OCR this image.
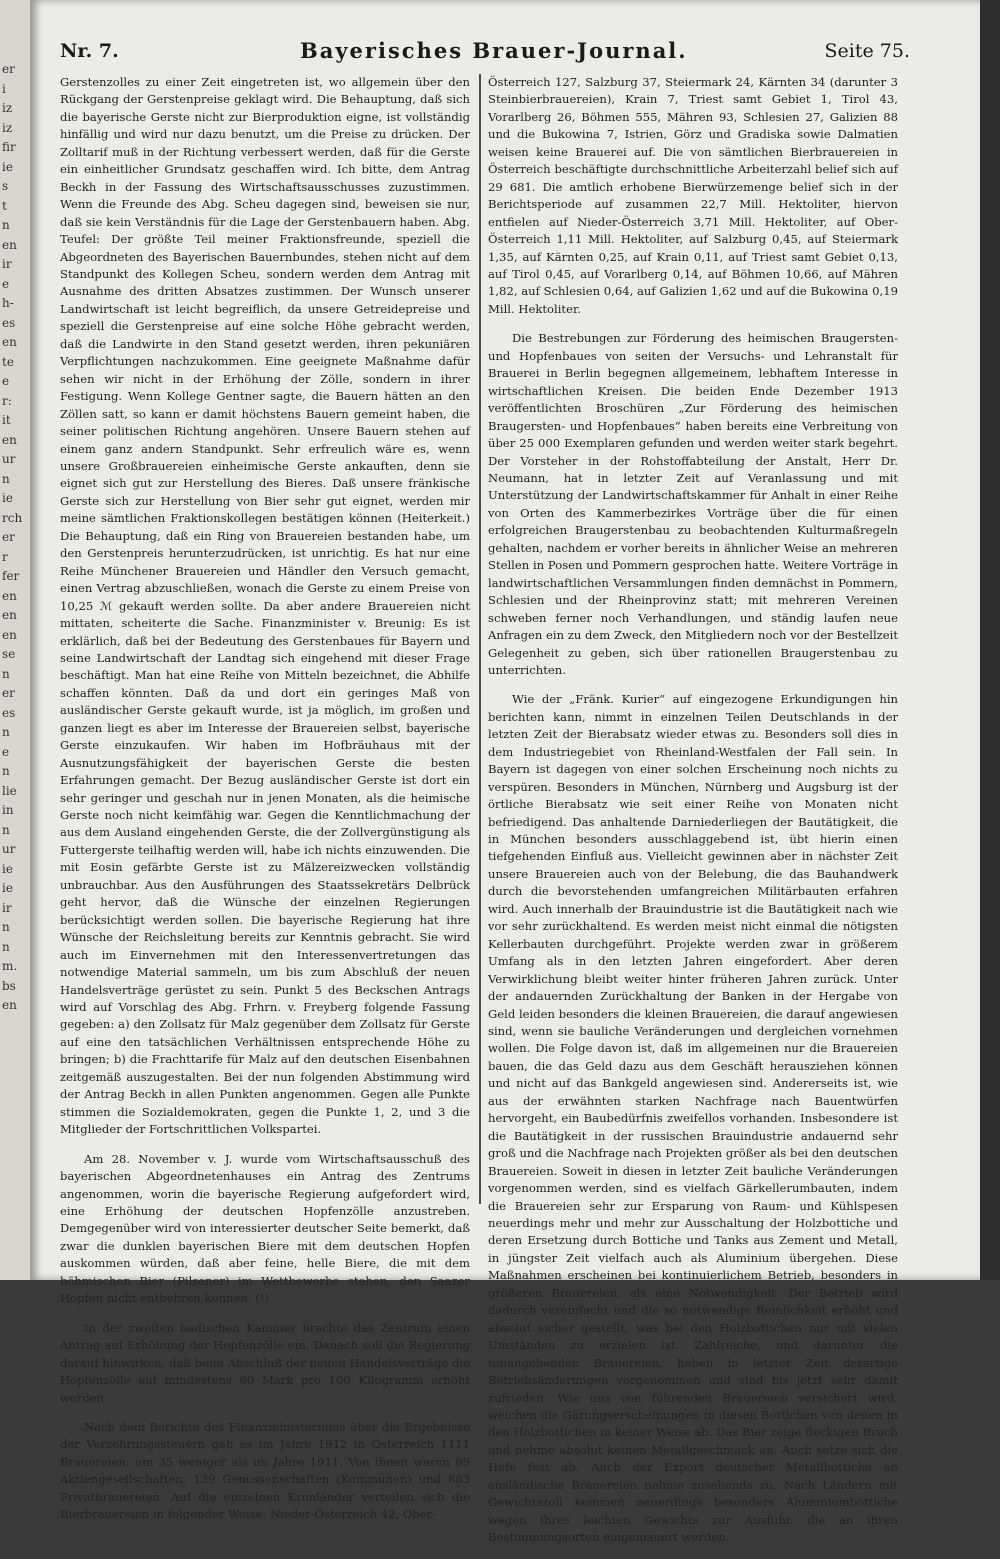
er
i
iz
iz
fir
ie
s
t
n
en
ir
e
h-
es
en
te
e
r:
it
en
ur
n
ie
rch
er
r
fer
en
en
en
se
n
er
es
n
e
n
lie
in
n
ur
ie
ie
ir
n
n
m.
bs
en
Nr. 7.	Bayerisches Brauer-Journal.	Seite 75.

Gerstenzolles zu einer Zeit eingetreten ist, wo allgemein über den Rückgang der Gerstenpreise geklagt wird. Die Behauptung, daß sich die bayerische Gerste nicht zur Bierproduktion eigne, ist vollständig hinfällig und wird nur dazu benutzt, um die Preise zu drücken. Der Zolltarif muß in der Richtung verbessert werden, daß für die Gerste ein einheitlicher Grundsatz geschaffen wird. Ich bitte, dem Antrag Beckh in der Fassung des Wirtschaftsausschusses zuzustimmen. Wenn die Freunde des Abg. Scheu dagegen sind, beweisen sie nur, daß sie kein Verständnis für die Lage der Gerstenbauern haben. Abg. Teufel: Der größte Teil meiner Fraktionsfreunde, speziell die Abgeordneten des Bayerischen Bauernbundes, stehen nicht auf dem Standpunkt des Kollegen Scheu, sondern werden dem Antrag mit Ausnahme des dritten Absatzes zustimmen. Der Wunsch unserer Landwirtschaft ist leicht begreiflich, da unsere Getreidepreise und speziell die Gerstenpreise auf eine solche Höhe gebracht werden, daß die Landwirte in den Stand gesetzt werden, ihren pekuniären Verpflichtungen nachzukommen. Eine geeignete Maßnahme dafür sehen wir nicht in der Erhöhung der Zölle, sondern in ihrer Festigung. Wenn Kollege Gentner sagte, die Bauern hätten an den Zöllen satt, so kann er damit höchstens Bauern gemeint haben, die seiner politischen Richtung angehören. Unsere Bauern stehen auf einem ganz andern Standpunkt. Sehr erfreulich wäre es, wenn unsere Großbrauereien einheimische Gerste ankauften, denn sie eignet sich gut zur Herstellung des Bieres. Daß unsere fränkische Gerste sich zur Herstellung von Bier sehr gut eignet, werden mir meine sämtlichen Fraktionskollegen bestätigen können (Heiterkeit.) Die Behauptung, daß ein Ring von Brauereien bestanden habe, um den Gerstenpreis herunterzudrücken, ist unrichtig. Es hat nur eine Reihe Münchener Brauereien und Händler den Versuch gemacht, einen Vertrag abzuschließen, wonach die Gerste zu einem Preise von 10,25 ℳ gekauft werden sollte. Da aber andere Brauereien nicht mittaten, scheiterte die Sache. Finanzminister v. Breunig: Es ist erklärlich, daß bei der Bedeutung des Gerstenbaues für Bayern und seine Landwirtschaft der Landtag sich eingehend mit dieser Frage beschäftigt. Man hat eine Reihe von Mitteln bezeichnet, die Abhilfe schaffen könnten. Daß da und dort ein geringes Maß von ausländischer Gerste gekauft wurde, ist ja möglich, im großen und ganzen liegt es aber im Interesse der Brauereien selbst, bayerische Gerste einzukaufen. Wir haben im Hofbräuhaus mit der Ausnutzungsfähigkeit der bayerischen Gerste die besten Erfahrungen gemacht. Der Bezug ausländischer Gerste ist dort ein sehr geringer und geschah nur in jenen Monaten, als die heimische Gerste noch nicht keimfähig war. Gegen die Kenntlichmachung der aus dem Ausland eingehenden Gerste, die der Zollvergünstigung als Futtergerste teilhaftig werden will, habe ich nichts einzuwenden. Die mit Eosin gefärbte Gerste ist zu Mälzereizwecken vollständig unbrauchbar. Aus den Ausführungen des Staatssekretärs Delbrück geht hervor, daß die Wünsche der einzelnen Regierungen berücksichtigt werden sollen. Die bayerische Regierung hat ihre Wünsche der Reichsleitung bereits zur Kenntnis gebracht. Sie wird auch im Einvernehmen mit den Interessenvertretungen das notwendige Material sammeln, um bis zum Abschluß der neuen Handelsverträge gerüstet zu sein. Punkt 5 des Beckschen Antrags wird auf Vorschlag des Abg. Frhrn. v. Freyberg folgende Fassung gegeben: a) den Zollsatz für Malz gegenüber dem Zollsatz für Gerste auf eine den tatsächlichen Verhältnissen entsprechende Höhe zu bringen; b) die Frachttarife für Malz auf den deutschen Eisenbahnen zeitgemäß auszugestalten. Bei der nun folgenden Abstimmung wird der Antrag Beckh in allen Punkten angenommen. Gegen alle Punkte stimmen die Sozialdemokraten, gegen die Punkte 1, 2, und 3 die Mitglieder der Fortschrittlichen Volkspartei.

Am 28. November v. J. wurde vom Wirtschaftsausschuß des bayerischen Abgeordnetenhauses ein Antrag des Zentrums angenommen, worin die bayerische Regierung aufgefordert wird, eine Erhöhung der deutschen Hopfenzölle anzustreben. Demgegenüber wird von interessierter deutscher Seite bemerkt, daß zwar die dunklen bayerischen Biere mit dem deutschen Hopfen auskommen würden, daß aber feine, helle Biere, die mit dem böhmischen Bier (Pilsener) im Wettbewerbe stehen, den Saazer Hopfen nicht entbehren können. (!)

In der zweiten badischen Kammer brachte das Zentrum einen Antrag auf Erhöhung der Hopfenzölle ein. Danach soll die Regierung darauf hinwirken, daß beim Abschluß der neuen Handelsverträge die Hopfenzölle auf mindestens 60 Mark pro 100 Kilogramm erhöht werden.

Nach dem Berichte des Finanzministeriums über die Ergebnisse der Verzehrungssteuern gab es im Jahre 1912 in Österreich 1111 Brauereien, um 35 weniger als im Jahre 1911. Von ihnen waren 89 Aktiengesellschaften, 139 Genossenschaften (Kommunen) und 883 Privatbrauereien. Auf die einzelnen Kronländer verteilen sich die Bierbrauereien in folgender Weise: Nieder-Österreich 42, Ober-

Österreich 127, Salzburg 37, Steiermark 24, Kärnten 34 (darunter 3 Steinbierbrauereien), Krain 7, Triest samt Gebiet 1, Tirol 43, Vorarlberg 26, Böhmen 555, Mähren 93, Schlesien 27, Galizien 88 und die Bukowina 7, Istrien, Görz und Gradiska sowie Dalmatien weisen keine Brauerei auf. Die von sämtlichen Bierbrauereien in Österreich beschäftigte durchschnittliche Arbeiterzahl belief sich auf 29 681. Die amtlich erhobene Bierwürzemenge belief sich in der Berichtsperiode auf zusammen 22,7 Mill. Hektoliter, hiervon entfielen auf Nieder-Österreich 3,71 Mill. Hektoliter, auf Ober-Österreich 1,11 Mill. Hektoliter, auf Salzburg 0,45, auf Steiermark 1,35, auf Kärnten 0,25, auf Krain 0,11, auf Triest samt Gebiet 0,13, auf Tirol 0,45, auf Vorarlberg 0,14, auf Böhmen 10,66, auf Mähren 1,82, auf Schlesien 0,64, auf Galizien 1,62 und auf die Bukowina 0,19 Mill. Hektoliter.

Die Bestrebungen zur Förderung des heimischen Braugersten- und Hopfenbaues von seiten der Versuchs- und Lehranstalt für Brauerei in Berlin begegnen allgemeinem, lebhaftem Interesse in wirtschaftlichen Kreisen. Die beiden Ende Dezember 1913 veröffentlichten Broschüren „Zur Förderung des heimischen Braugersten- und Hopfenbaues“ haben bereits eine Verbreitung von über 25 000 Exemplaren gefunden und werden weiter stark begehrt. Der Vorsteher in der Rohstoffabteilung der Anstalt, Herr Dr. Neumann, hat in letzter Zeit auf Veranlassung und mit Unterstützung der Landwirtschaftskammer für Anhalt in einer Reihe von Orten des Kammerbezirkes Vorträge über die für einen erfolgreichen Braugerstenbau zu beobachtenden Kulturmaßregeln gehalten, nachdem er vorher bereits in ähnlicher Weise an mehreren Stellen in Posen und Pommern gesprochen hatte. Weitere Vorträge in landwirtschaftlichen Versammlungen finden demnächst in Pommern, Schlesien und der Rheinprovinz statt; mit mehreren Vereinen schweben ferner noch Verhandlungen, und ständig laufen neue Anfragen ein zu dem Zweck, den Mitgliedern noch vor der Bestellzeit Gelegenheit zu geben, sich über rationellen Braugerstenbau zu unterrichten.

Wie der „Fränk. Kurier“ auf eingezogene Erkundigungen hin berichten kann, nimmt in einzelnen Teilen Deutschlands in der letzten Zeit der Bierabsatz wieder etwas zu. Besonders soll dies in dem Industriegebiet von Rheinland-Westfalen der Fall sein. In Bayern ist dagegen von einer solchen Erscheinung noch nichts zu verspüren. Besonders in München, Nürnberg und Augsburg ist der örtliche Bierabsatz wie seit einer Reihe von Monaten nicht befriedigend. Das anhaltende Darniederliegen der Bautätigkeit, die in München besonders ausschlaggebend ist, übt hierin einen tiefgehenden Einfluß aus. Vielleicht gewinnen aber in nächster Zeit unsere Brauereien auch von der Belebung, die das Bauhandwerk durch die bevorstehenden umfangreichen Militärbauten erfahren wird. Auch innerhalb der Brauindustrie ist die Bautätigkeit nach wie vor sehr zurückhaltend. Es werden meist nicht einmal die nötigsten Kellerbauten durchgeführt. Projekte werden zwar in größerem Umfang als in den letzten Jahren eingefordert. Aber deren Verwirklichung bleibt weiter hinter früheren Jahren zurück. Unter der andauernden Zurückhaltung der Banken in der Hergabe von Geld leiden besonders die kleinen Brauereien, die darauf angewiesen sind, wenn sie bauliche Veränderungen und dergleichen vornehmen wollen. Die Folge davon ist, daß im allgemeinen nur die Brauereien bauen, die das Geld dazu aus dem Geschäft herausziehen können und nicht auf das Bankgeld angewiesen sind. Andererseits ist, wie aus der erwähnten starken Nachfrage nach Bauentwürfen hervorgeht, ein Baubedürfnis zweifellos vorhanden. Insbesondere ist die Bautätigkeit in der russischen Brauindustrie andauernd sehr groß und die Nachfrage nach Projekten größer als bei den deutschen Brauereien. Soweit in diesen in letzter Zeit bauliche Veränderungen vorgenommen werden, sind es vielfach Gärkellerumbauten, indem die Brauereien sehr zur Ersparung von Raum- und Kühlspesen neuerdings mehr und mehr zur Ausschaltung der Holzbottiche und deren Ersetzung durch Bottiche und Tanks aus Zement und Metall, in jüngster Zeit vielfach auch als Aluminium übergehen. Diese Maßnahmen erscheinen bei kontinuierlichem Betrieb, besonders in größeren Brauereien, als eine Notwendigkeit. Der Betrieb wird dadurch vereinfacht und die so notwendige Reinlichkeit erhöht und absolut sicher gestellt, was bei den Holzbottichen nur mit vielen Umständen zu erzielen ist. Zahlreiche, und darunter die tonangebenden Brauereien, haben in letzter Zeit derartige Betriebsänderungen vorgenommen und sind bis jetzt sehr damit zufrieden. Wie uns von führenden Brauereien versichert wird, weichen die Gärungserscheinungen in diesen Bottichen von denen in den Holzbottichen in keiner Weise ab. Das Bier zeige fleckigen Bruch und nehme absolut keinen Metallgeschmack an. Auch setze sich die Hefe fest ab. Auch der Export deutscher Metallbottiche an ausländische Brauereien nehme zusehends zu. Nach Ländern mit Gewichtszoll kommen neuerdings besonders Aluminiumbottiche wegen ihres leichten Gewichts zur Ausfuhr, die an ihren Bestimmungsorten eingemauert werden.
